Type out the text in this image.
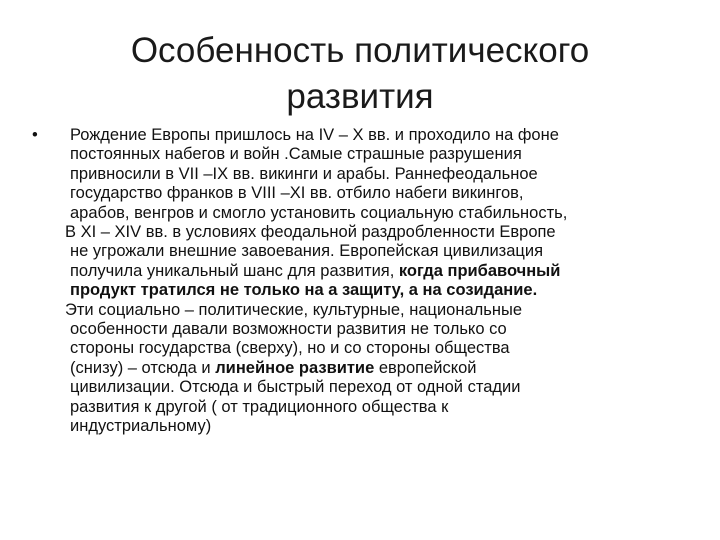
Особенность политического
развития
•	Рождение Европы пришлось на IV – X вв. и проходило на фоне
постоянных набегов и войн .Самые страшные разрушения
привносили в VII –IX вв. викинги и арабы. Раннефеодальное
государство франков в VIII –XI вв. отбило набеги викингов,
арабов, венгров и смогло установить социальную стабильность,
В XI – XIV вв. в условиях феодальной раздробленности Европе
не угрожали внешние завоевания. Европейская цивилизация
получила уникальный шанс для развития, когда прибавочный
продукт тратился не только на а защиту, а на созидание.
Эти социально – политические, культурные, национальные
особенности давали возможности развития не только со
стороны государства (сверху), но и со стороны общества
(снизу) – отсюда и линейное развитие европейской
цивилизации. Отсюда и быстрый переход от одной стадии
развития к другой ( от традиционного общества к
индустриальному)
